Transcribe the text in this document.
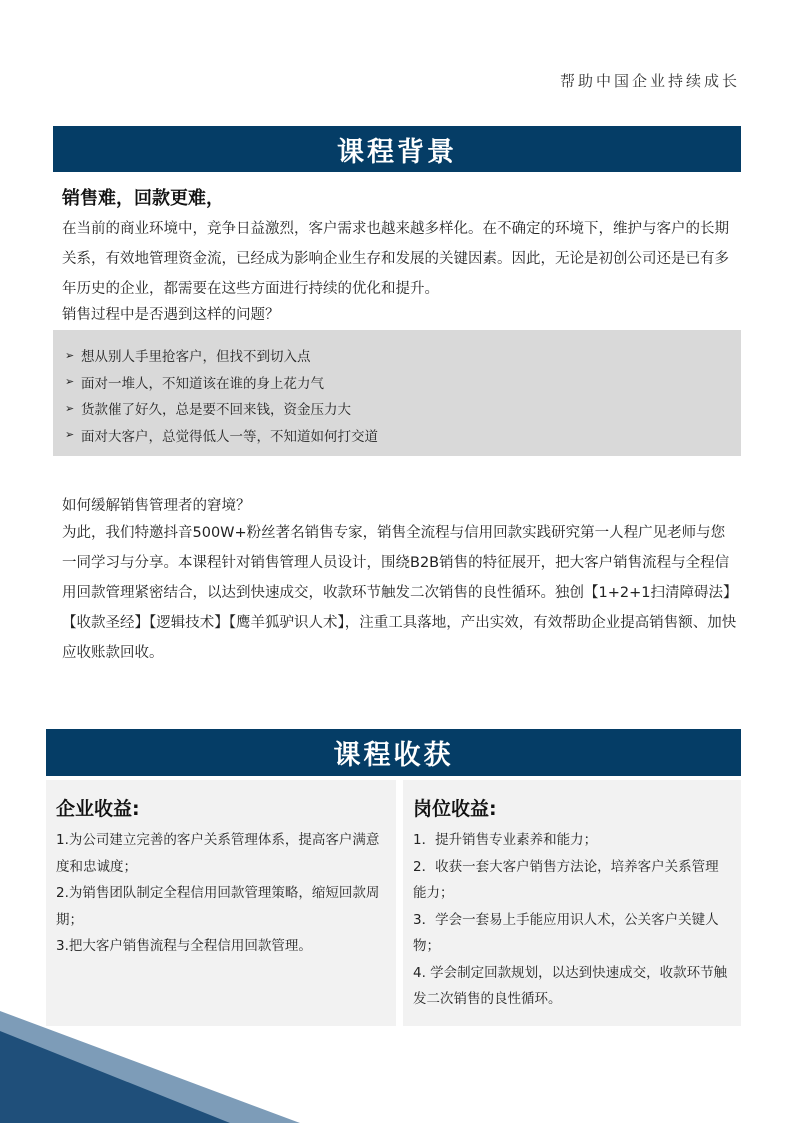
帮助中国企业持续成长
课程背景
销售难，回款更难，

在当前的商业环境中，竞争日益激烈，客户需求也越来越多样化。在不确定的环境下，维护与客户的长期关系，有效地管理资金流，已经成为影响企业生存和发展的关键因素。因此，无论是初创公司还是已有多年历史的企业，都需要在这些方面进行持续的优化和提升。

销售过程中是否遇到这样的问题？
➢ 想从别人手里抢客户，但找不到切入点
➢ 面对一堆人，不知道该在谁的身上花力气
➢ 货款催了好久，总是要不回来钱，资金压力大
➢ 面对大客户，总觉得低人一等，不知道如何打交道
如何缓解销售管理者的窘境？

为此，我们特邀抖音500W+粉丝著名销售专家，销售全流程与信用回款实践研究第一人程广见老师与您一同学习与分享。本课程针对销售管理人员设计，围绕B2B销售的特征展开，把大客户销售流程与全程信用回款管理紧密结合，以达到快速成交，收款环节触发二次销售的良性循环。独创【1+2+1扫清障碍法】【收款圣经】【逻辑技术】【鹰羊狐驴识人术】，注重工具落地，产出实效，有效帮助企业提高销售额、加快应收账款回收。

课程收获
企业收益:

1.为公司建立完善的客户关系管理体系，提高客户满意度和忠诚度；

2.为销售团队制定全程信用回款管理策略，缩短回款周期；

3.把大客户销售流程与全程信用回款管理。

岗位收益:

1．提升销售专业素养和能力；

2．收获一套大客户销售方法论，培养客户关系管理能力；

3．学会一套易上手能应用识人术，公关客户关键人物；

4. 学会制定回款规划，以达到快速成交，收款环节触发二次销售的良性循环。
